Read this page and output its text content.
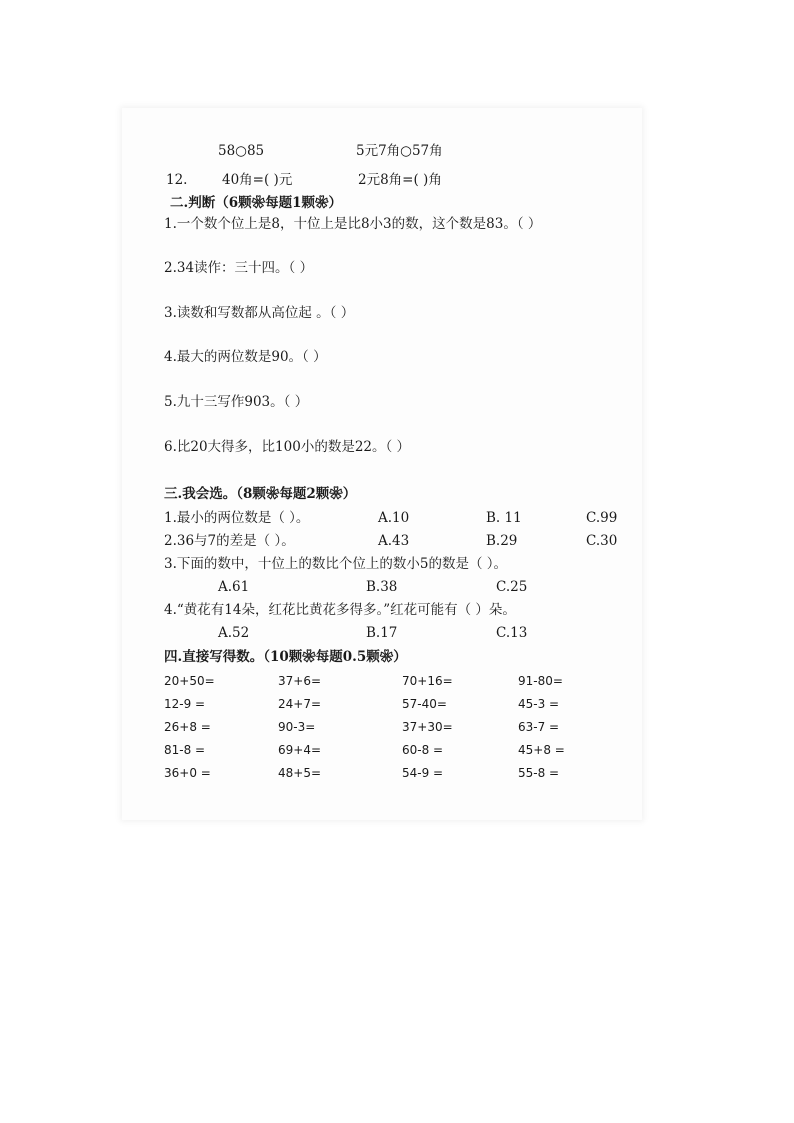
58○85	5元7角○57角
12.	40角=( )元	2元8角=( )角
二.判断（6颗❀每题1颗❀）
1.一个数个位上是8，十位上是比8小3的数，这个数是83。（ ）
2.34读作：三十四。（ ）
3.读数和写数都从高位起 。（ ）
4.最大的两位数是90。（ ）
5.九十三写作903。（ ）
6.比20大得多，比100小的数是22。（ ）
三.我会选。（8颗❀每题2颗❀）
1.最小的两位数是（ ）。	A.10	B. 11	C.99
2.36与7的差是（ ）。	A.43	B.29	C.30
3.下面的数中，十位上的数比个位上的数小5的数是（ ）。
A.61	B.38	C.25
4.“黄花有14朵，红花比黄花多得多。”红花可能有（ ）朵。
A.52	B.17	C.13
四.直接写得数。（10颗❀每题0.5颗❀）
20+50=	37+6=	70+16=	91-80=
12-9 =	24+7=	57-40=	45-3 =
26+8 =	90-3=	37+30=	63-7 =
81-8 =	69+4=	60-8 =	45+8 =
36+0 =	48+5=	54-9 =	55-8 =
